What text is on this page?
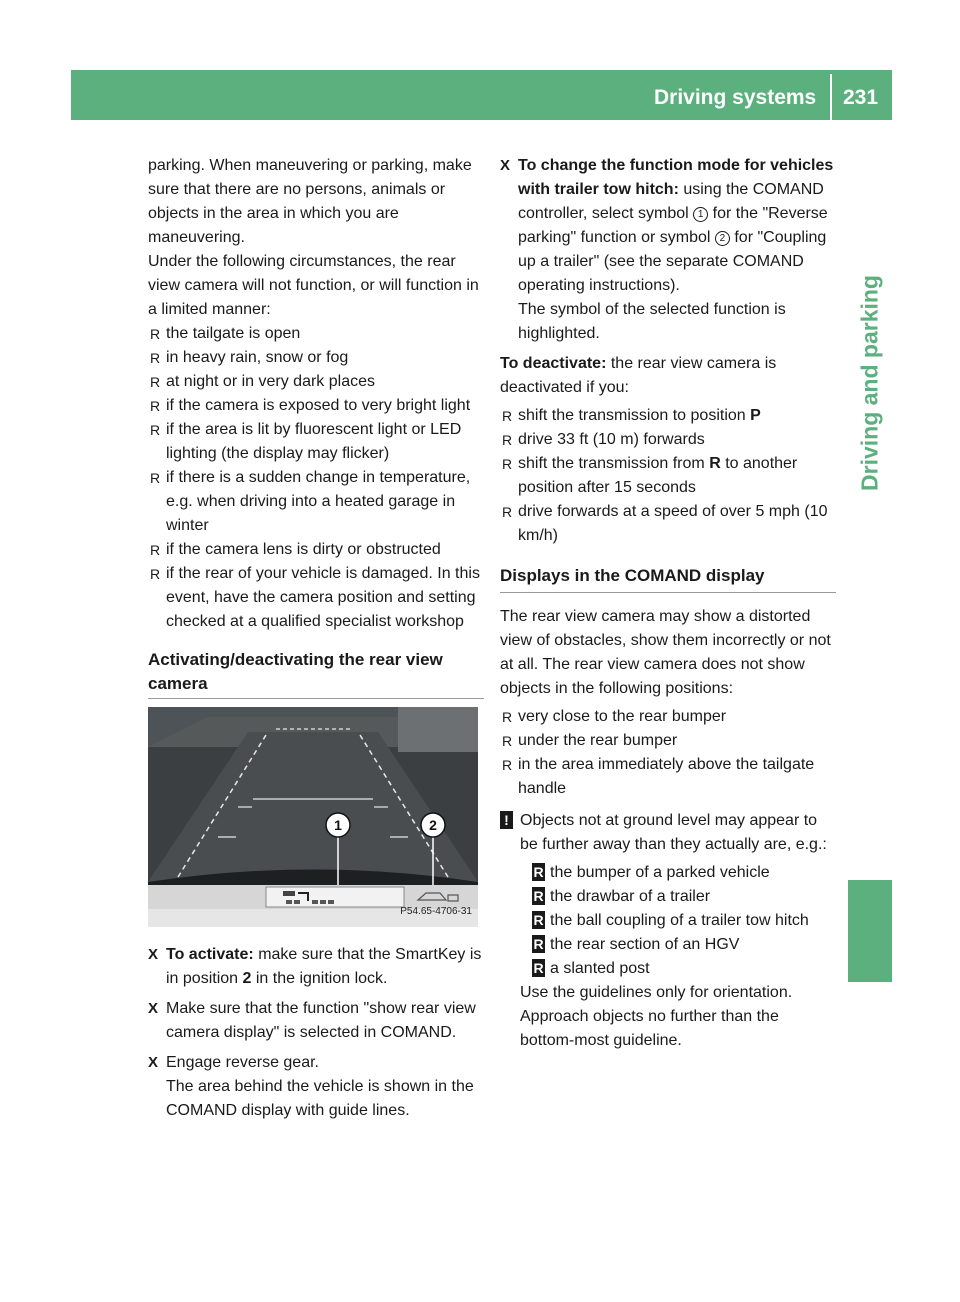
Driving systems 231
Driving and parking

parking. When maneuvering or parking, make sure that there are no persons, animals or objects in the area in which you are maneuvering.

Under the following circumstances, the rear view camera will not function, or will function in a limited manner:

R the tailgate is open
R in heavy rain, snow or fog
R at night or in very dark places
R if the camera is exposed to very bright light
R if the area is lit by fluorescent light or LED lighting (the display may flicker)
R if there is a sudden change in temperature, e.g. when driving into a heated garage in winter
R if the camera lens is dirty or obstructed
R if the rear of your vehicle is damaged. In this event, have the camera position and setting checked at a qualified specialist workshop
Activating/deactivating the rear view camera
1	2
P54.65-4706-31
X To activate: make sure that the SmartKey is in position 2 in the ignition lock.
X Make sure that the function "show rear view camera display" is selected in COMAND.
X Engage reverse gear.
The area behind the vehicle is shown in the COMAND display with guide lines.
X To change the function mode for vehicles with trailer tow hitch: using the COMAND controller, select symbol 1 for the "Reverse parking" function or symbol 2 for "Coupling up a trailer" (see the separate COMAND operating instructions).
The symbol of the selected function is highlighted.

To deactivate: the rear view camera is deactivated if you:

R shift the transmission to position P
R drive 33 ft (10 m) forwards
R shift the transmission from R to another position after 15 seconds
R drive forwards at a speed of over 5 mph (10 km/h)
Displays in the COMAND display

The rear view camera may show a distorted view of obstacles, show them incorrectly or not at all. The rear view camera does not show objects in the following positions:

R very close to the rear bumper
R under the rear bumper
R in the area immediately above the tailgate handle
! Objects not at ground level may appear to be further away than they actually are, e.g.:
R the bumper of a parked vehicle
R the drawbar of a trailer
R the ball coupling of a trailer tow hitch
R the rear section of an HGV
R a slanted post

Use the guidelines only for orientation. Approach objects no further than the bottom-most guideline.
